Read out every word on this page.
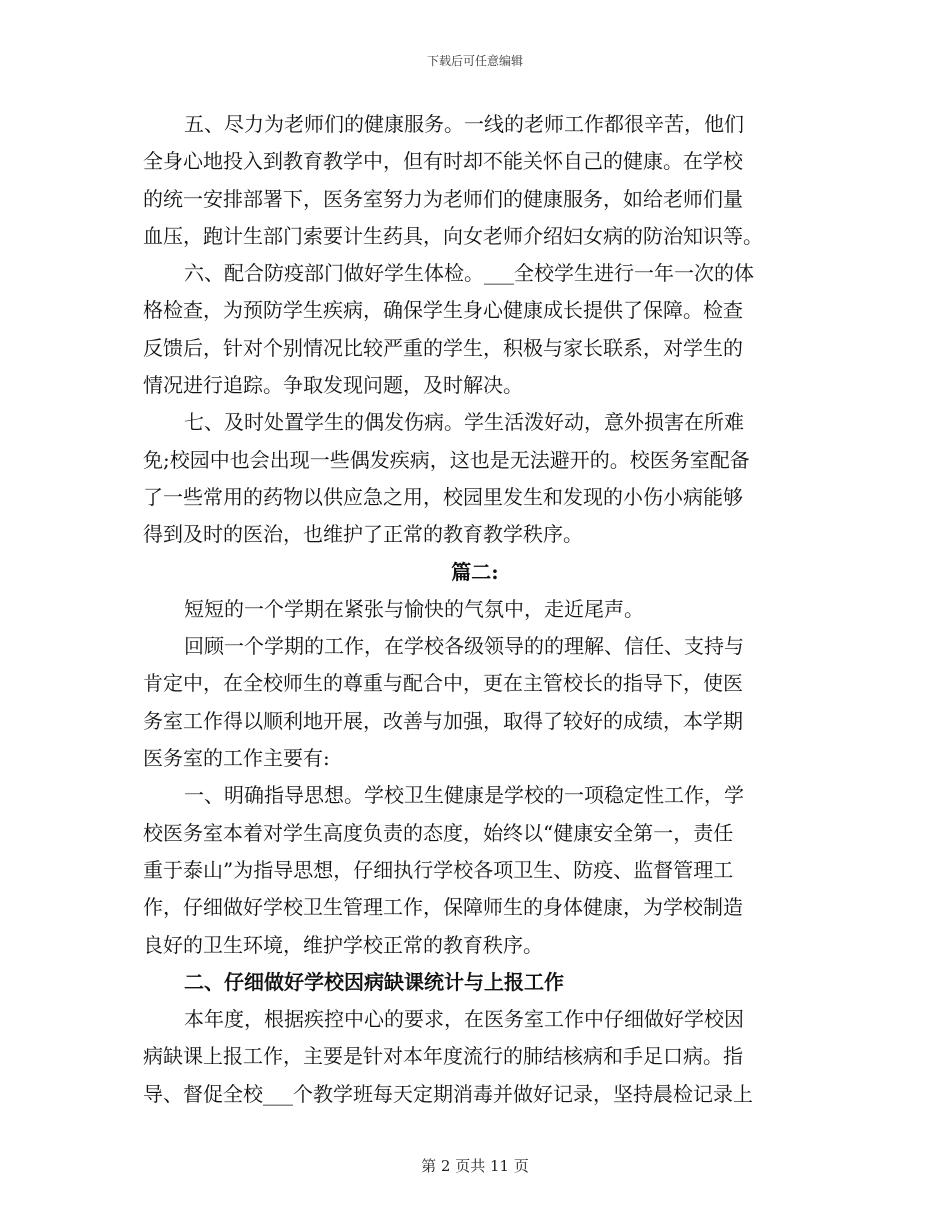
下载后可任意编辑
五、尽力为老师们的健康服务。一线的老师工作都很辛苦，他们
全身心地投入到教育教学中，但有时却不能关怀自己的健康。在学校
的统一安排部署下，医务室努力为老师们的健康服务，如给老师们量
血压，跑计生部门索要计生药具，向女老师介绍妇女病的防治知识等。
六、配合防疫部门做好学生体检。___全校学生进行一年一次的体
格检查，为预防学生疾病，确保学生身心健康成长提供了保障。检查
反馈后，针对个别情况比较严重的学生，积极与家长联系，对学生的
情况进行追踪。争取发现问题，及时解决。
七、及时处置学生的偶发伤病。学生活泼好动，意外损害在所难
免;校园中也会出现一些偶发疾病，这也是无法避开的。校医务室配备
了一些常用的药物以供应急之用，校园里发生和发现的小伤小病能够
得到及时的医治，也维护了正常的教育教学秩序。
篇二:
短短的一个学期在紧张与愉快的气氛中，走近尾声。
回顾一个学期的工作，在学校各级领导的的理解、信任、支持与
肯定中，在全校师生的尊重与配合中，更在主管校长的指导下，使医
务室工作得以顺利地开展，改善与加强，取得了较好的成绩，本学期
医务室的工作主要有:
一、明确指导思想。学校卫生健康是学校的一项稳定性工作，学
校医务室本着对学生高度负责的态度，始终以“健康安全第一，责任
重于泰山”为指导思想，仔细执行学校各项卫生、防疫、监督管理工
作，仔细做好学校卫生管理工作，保障师生的身体健康，为学校制造
良好的卫生环境，维护学校正常的教育秩序。
二、仔细做好学校因病缺课统计与上报工作
本年度，根据疾控中心的要求，在医务室工作中仔细做好学校因
病缺课上报工作，主要是针对本年度流行的肺结核病和手足口病。指
导、督促全校___个教学班每天定期消毒并做好记录，坚持晨检记录上
第 2 页共 11 页
